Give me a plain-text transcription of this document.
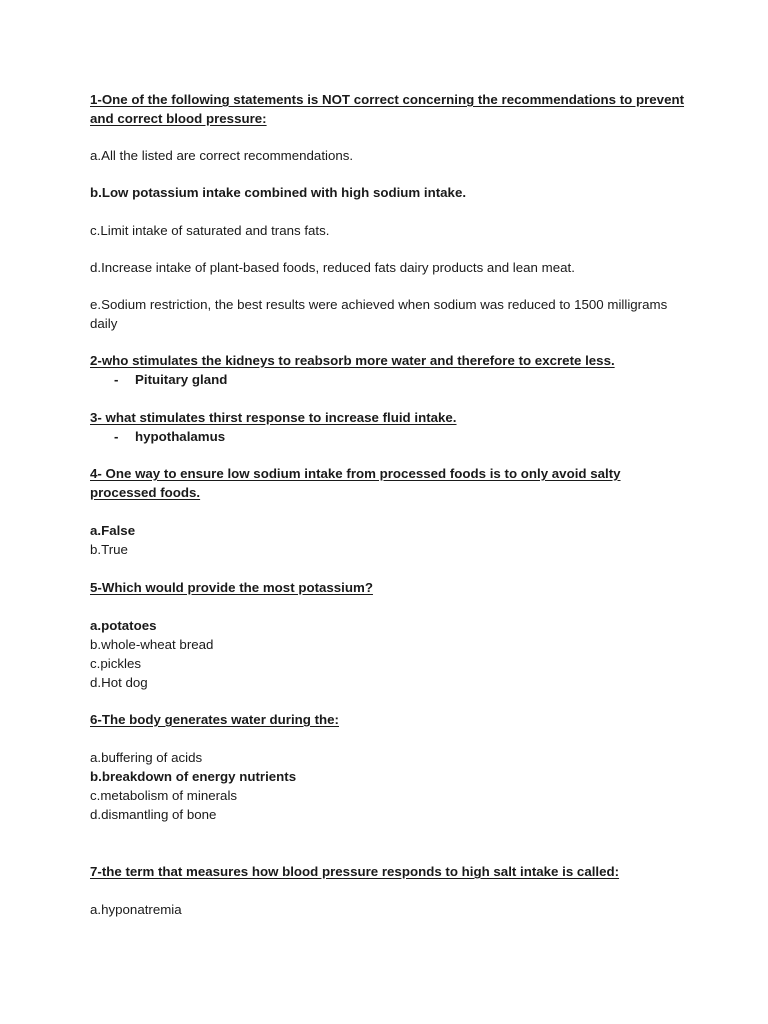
1-One of the following statements is NOT correct concerning the recommendations to prevent and correct blood pressure:

a.All the listed are correct recommendations.

b.Low potassium intake combined with high sodium intake.

c.Limit intake of saturated and trans fats.

d.Increase intake of plant-based foods, reduced fats dairy products and lean meat.

e.Sodium restriction, the best results were achieved when sodium was reduced to 1500 milligrams daily

2-who stimulates the kidneys to reabsorb more water and therefore to excrete less.

- Pituitary gland

3- what stimulates thirst response to increase fluid intake.

- hypothalamus

4- One way to ensure low sodium intake from processed foods is to only avoid salty processed foods.

a.False

b.True

5-Which would provide the most potassium?

a.potatoes

b.whole-wheat bread

c.pickles

d.Hot dog

6-The body generates water during the:

a.buffering of acids

b.breakdown of energy nutrients

c.metabolism of minerals

d.dismantling of bone

7-the term that measures how blood pressure responds to high salt intake is called:

a.hyponatremia
